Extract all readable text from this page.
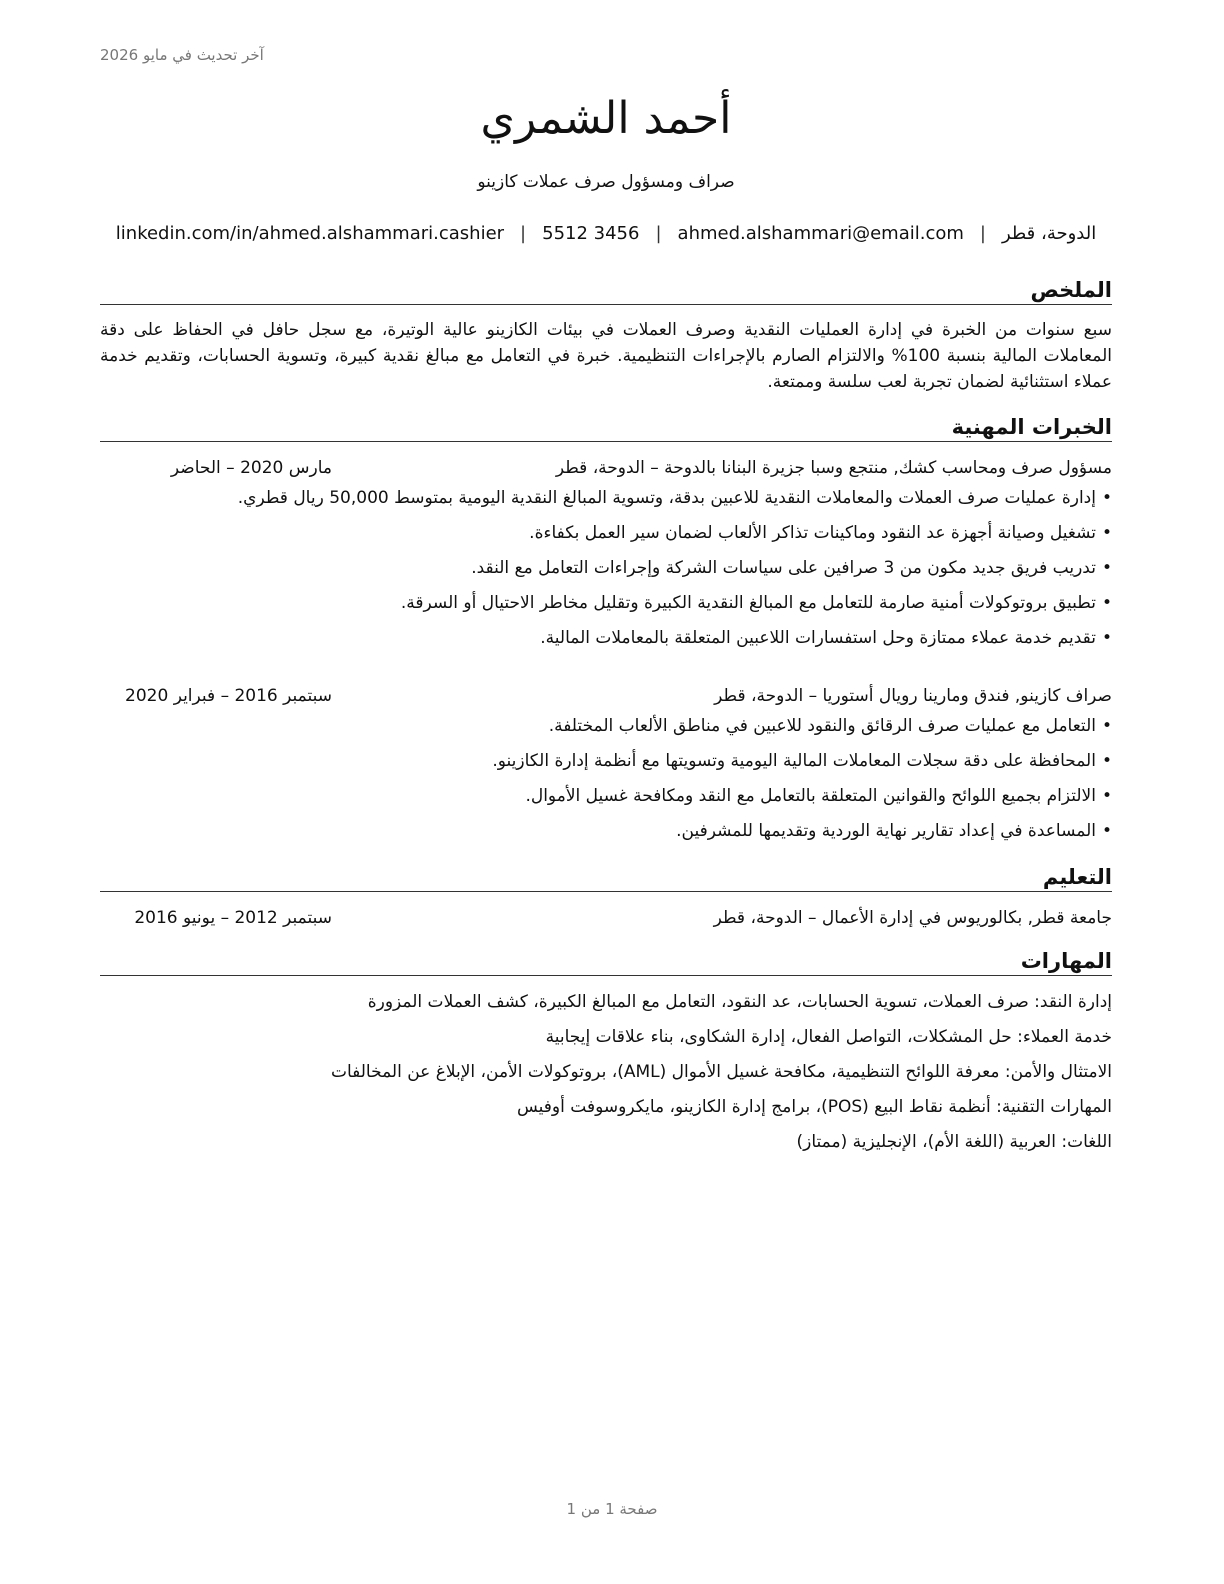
آخر تحديث في مايو 2026
أحمد الشمري
صراف ومسؤول صرف عملات كازينو
الدوحة، قطر
|
ahmed.alshammari@email.com
|
5512 3456
|
linkedin.com/in/ahmed.alshammari.cashier
الملخص
سبع سنوات من الخبرة في إدارة العمليات النقدية وصرف العملات في بيئات الكازينو عالية الوتيرة، مع سجل حافل في الحفاظ على دقة المعاملات المالية بنسبة 100% والالتزام الصارم بالإجراءات التنظيمية. خبرة في التعامل مع مبالغ نقدية كبيرة، وتسوية الحسابات، وتقديم خدمة عملاء استثنائية لضمان تجربة لعب سلسة وممتعة.
الخبرات المهنية
مسؤول صرف ومحاسب كشك, منتجع وسبا جزيرة البنانا بالدوحة – الدوحة، قطر
مارس 2020 – الحاضر
•إدارة عمليات صرف العملات والمعاملات النقدية للاعبين بدقة، وتسوية المبالغ النقدية اليومية بمتوسط 50,000 ريال قطري.
•تشغيل وصيانة أجهزة عد النقود وماكينات تذاكر الألعاب لضمان سير العمل بكفاءة.
•تدريب فريق جديد مكون من 3 صرافين على سياسات الشركة وإجراءات التعامل مع النقد.
•تطبيق بروتوكولات أمنية صارمة للتعامل مع المبالغ النقدية الكبيرة وتقليل مخاطر الاحتيال أو السرقة.
•تقديم خدمة عملاء ممتازة وحل استفسارات اللاعبين المتعلقة بالمعاملات المالية.
صراف كازينو, فندق ومارينا رويال أستوريا – الدوحة، قطر
سبتمبر 2016 – فبراير 2020
•التعامل مع عمليات صرف الرقائق والنقود للاعبين في مناطق الألعاب المختلفة.
•المحافظة على دقة سجلات المعاملات المالية اليومية وتسويتها مع أنظمة إدارة الكازينو.
•الالتزام بجميع اللوائح والقوانين المتعلقة بالتعامل مع النقد ومكافحة غسيل الأموال.
•المساعدة في إعداد تقارير نهاية الوردية وتقديمها للمشرفين.
التعليم
جامعة قطر, بكالوريوس في إدارة الأعمال – الدوحة، قطر
سبتمبر 2012 – يونيو 2016
المهارات
إدارة النقد: صرف العملات، تسوية الحسابات، عد النقود، التعامل مع المبالغ الكبيرة، كشف العملات المزورة
خدمة العملاء: حل المشكلات، التواصل الفعال، إدارة الشكاوى، بناء علاقات إيجابية
الامتثال والأمن: معرفة اللوائح التنظيمية، مكافحة غسيل الأموال (AML)، بروتوكولات الأمن، الإبلاغ عن المخالفات
المهارات التقنية: أنظمة نقاط البيع (POS)، برامج إدارة الكازينو، مايكروسوفت أوفيس
اللغات: العربية (اللغة الأم)، الإنجليزية (ممتاز)
صفحة 1 من 1
